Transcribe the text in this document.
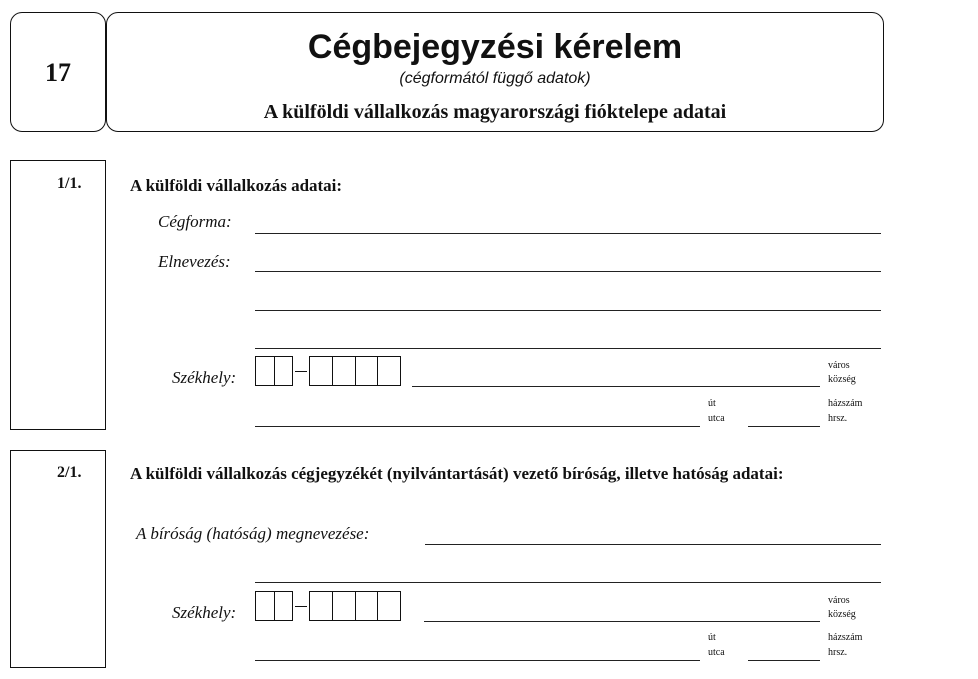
17
Cégbejegyzési kérelem
(cégformától függő adatok)
A külföldi vállalkozás magyarországi fióktelepe adatai
1/1.	A külföldi vállalkozás adatai:
Cégforma:
Elnevezés:
Székhely:
város
község
út
utca
házszám
hrsz.
2/1.	A külföldi vállalkozás cégjegyzékét (nyilvántartását) vezető bíróság, illetve hatóság adatai:
A bíróság (hatóság) megnevezése:
Székhely:
város
község
út
utca
házszám
hrsz.
